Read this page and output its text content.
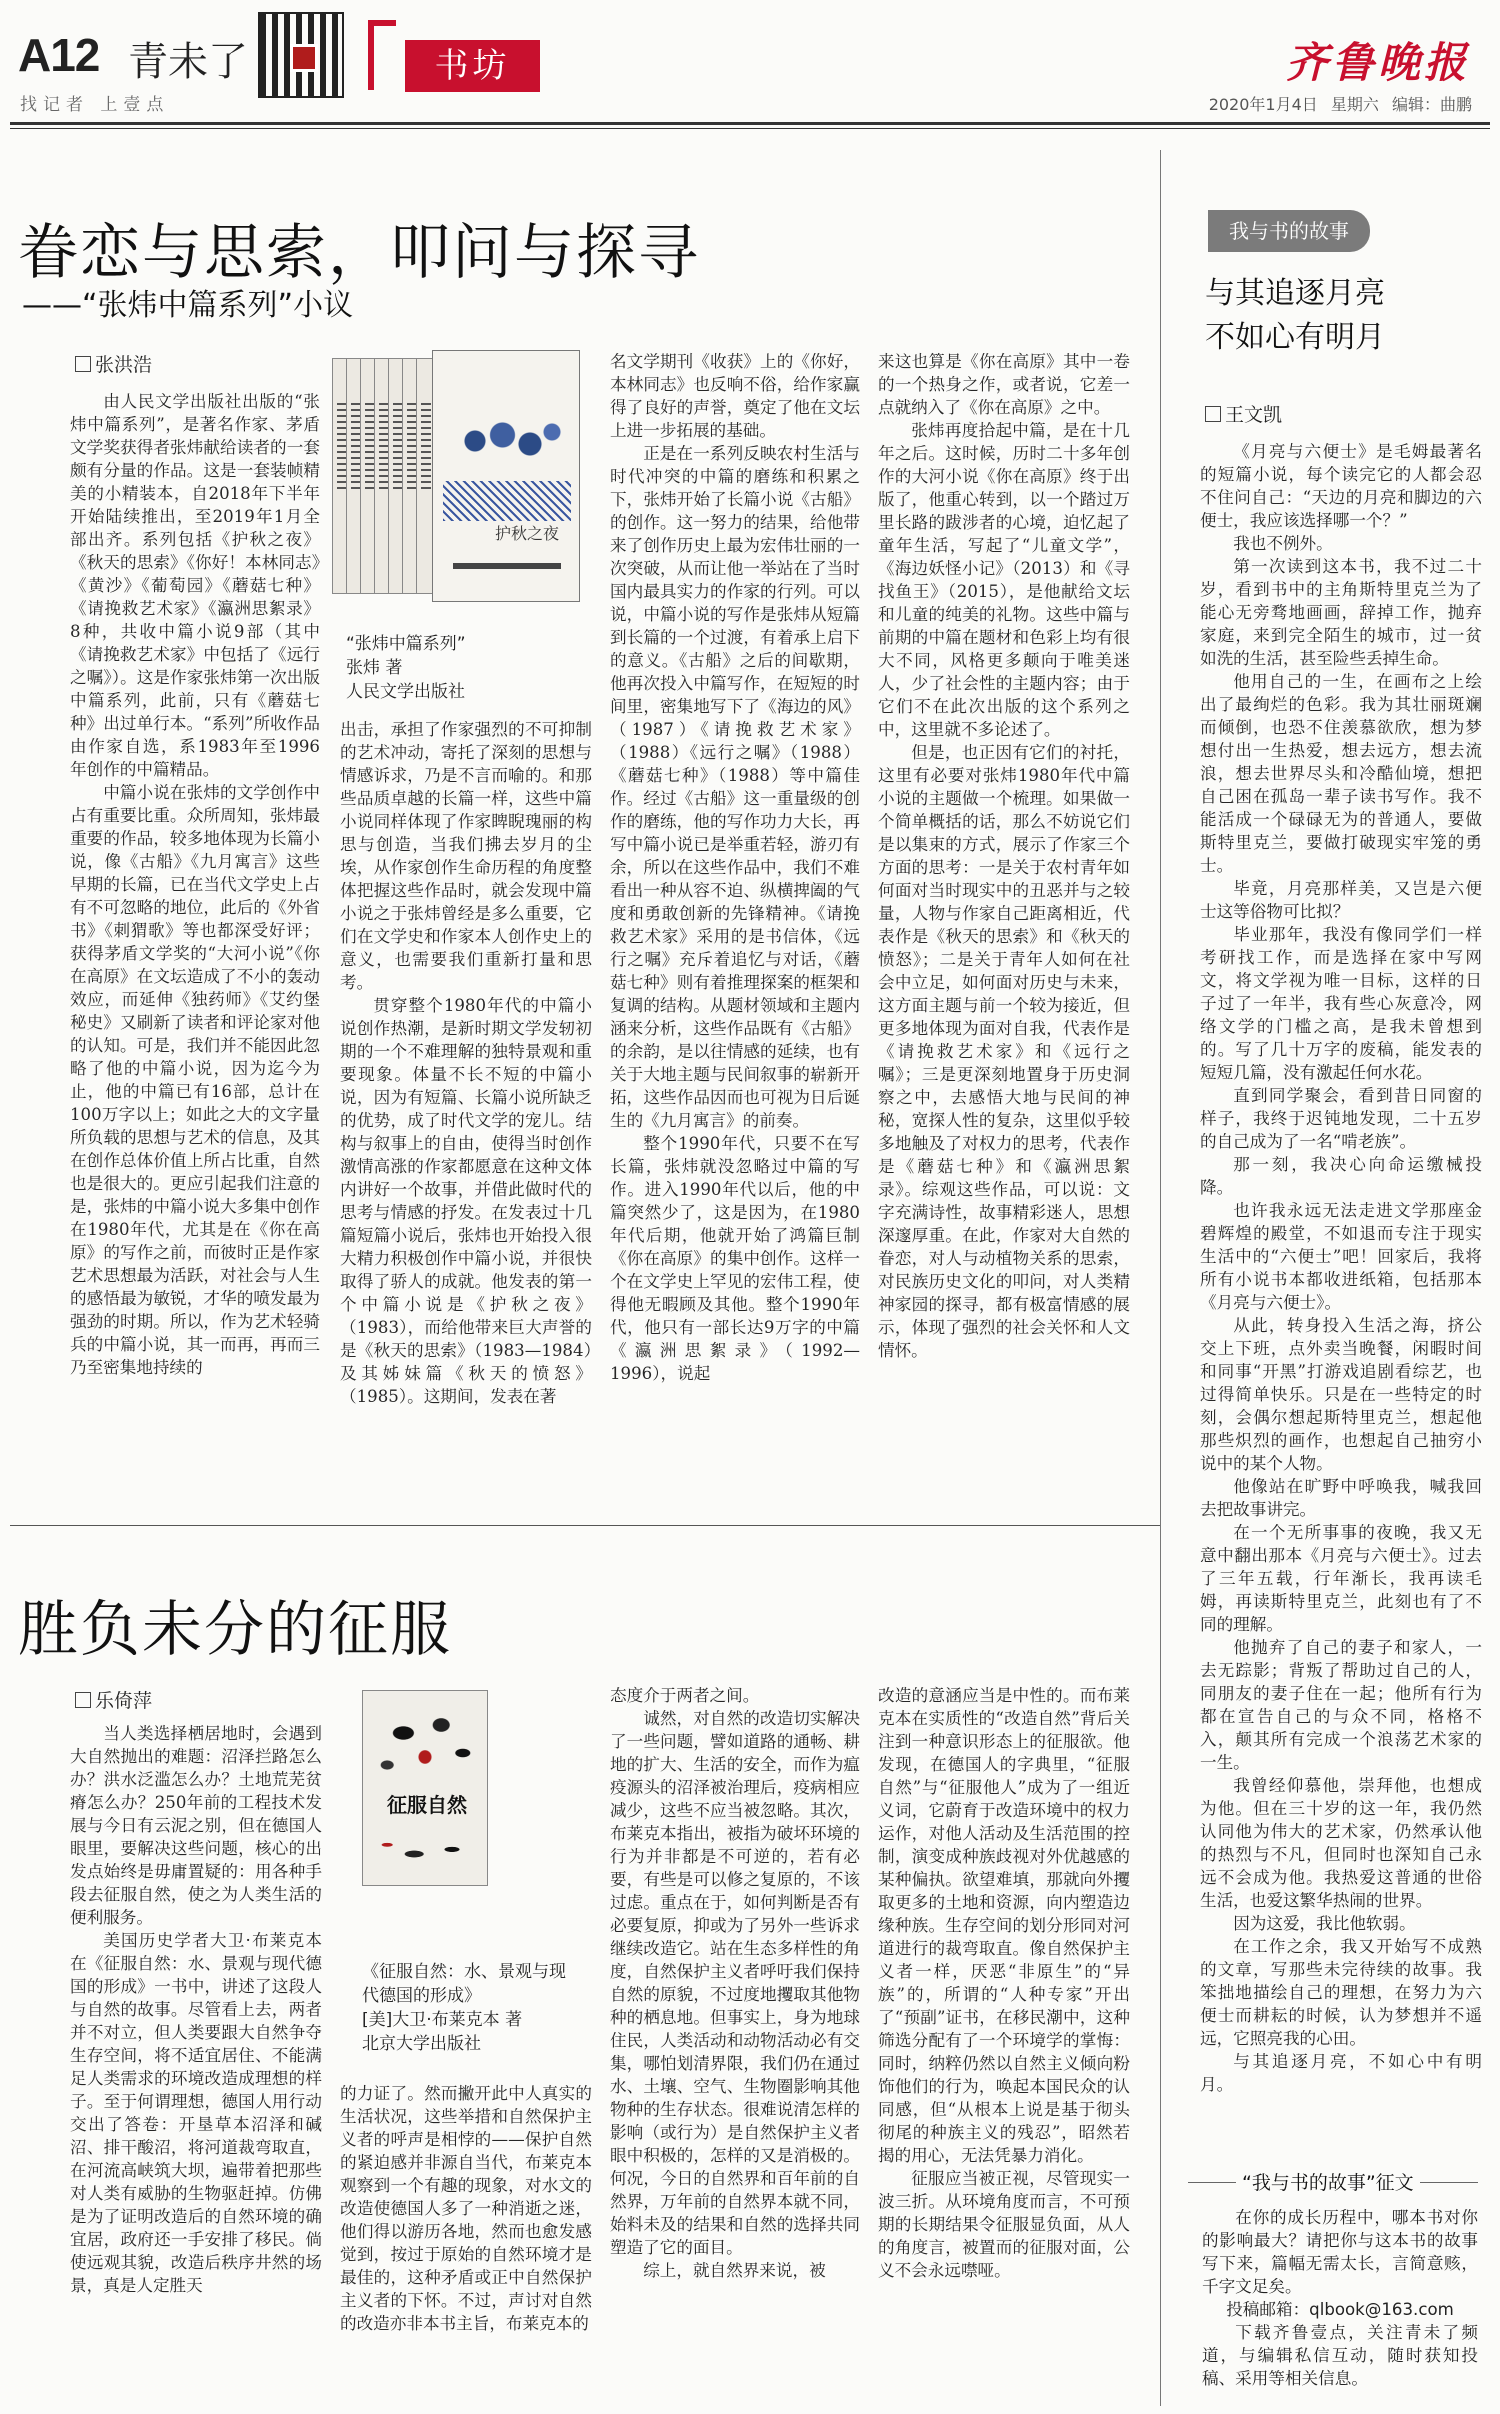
A12 青未了
找记者 上壹点
书坊	齐鲁晚报
2020年1月4日 星期六 编辑：曲鹏
眷恋与思索，叩问与探寻
——“张炜中篇系列”小议
张洪浩

由人民文学出版社出版的“张炜中篇系列”，是著名作家、茅盾文学奖获得者张炜献给读者的一套颇有分量的作品。这是一套装帧精美的小精装本，自2018年下半年开始陆续推出，至2019年1月全部出齐。系列包括《护秋之夜》《秋天的思索》《你好！本林同志》《黄沙》《葡萄园》《蘑菇七种》《请挽救艺术家》《瀛洲思絮录》8种，共收中篇小说9部（其中《请挽救艺术家》中包括了《远行之嘱》）。这是作家张炜第一次出版中篇系列，此前，只有《蘑菇七种》出过单行本。“系列”所收作品由作家自选，系1983年至1996年创作的中篇精品。

中篇小说在张炜的文学创作中占有重要比重。众所周知，张炜最重要的作品，较多地体现为长篇小说，像《古船》《九月寓言》这些早期的长篇，已在当代文学史上占有不可忽略的地位，此后的《外省书》《刺猬歌》等也都深受好评；获得茅盾文学奖的“大河小说”《你在高原》在文坛造成了不小的轰动效应，而延伸《独药师》《艾约堡秘史》又刷新了读者和评论家对他的认知。可是，我们并不能因此忽略了他的中篇小说，因为迄今为止，他的中篇已有16部，总计在100万字以上；如此之大的文字量所负载的思想与艺术的信息，及其在创作总体价值上所占比重，自然也是很大的。更应引起我们注意的是，张炜的中篇小说大多集中创作在1980年代，尤其是在《你在高原》的写作之前，而彼时正是作家艺术思想最为活跃，对社会与人生的感悟最为敏锐，才华的喷发最为强劲的时期。所以，作为艺术轻骑兵的中篇小说，其一而再，再而三乃至密集地持续的

护秋之夜
“张炜中篇系列”
张炜 著
人民文学出版社

出击，承担了作家强烈的不可抑制的艺术冲动，寄托了深刻的思想与情感诉求，乃是不言而喻的。和那些品质卓越的长篇一样，这些中篇小说同样体现了作家睥睨瑰丽的构思与创造，当我们拂去岁月的尘埃，从作家创作生命历程的角度整体把握这些作品时，就会发现中篇小说之于张炜曾经是多么重要，它们在文学史和作家本人创作史上的意义，也需要我们重新打量和思考。

贯穿整个1980年代的中篇小说创作热潮，是新时期文学发轫初期的一个不难理解的独特景观和重要现象。体量不长不短的中篇小说，因为有短篇、长篇小说所缺乏的优势，成了时代文学的宠儿。结构与叙事上的自由，使得当时创作激情高涨的作家都愿意在这种文体内讲好一个故事，并借此做时代的思考与情感的抒发。在发表过十几篇短篇小说后，张炜也开始投入很大精力积极创作中篇小说，并很快取得了骄人的成就。他发表的第一个中篇小说是《护秋之夜》（1983），而给他带来巨大声誉的是《秋天的思索》（1983—1984）及其姊妹篇《秋天的愤怒》（1985）。这期间，发表在著

名文学期刊《收获》上的《你好，本林同志》也反响不俗，给作家赢得了良好的声誉，奠定了他在文坛上进一步拓展的基础。

正是在一系列反映农村生活与时代冲突的中篇的磨练和积累之下，张炜开始了长篇小说《古船》的创作。这一努力的结果，给他带来了创作历史上最为宏伟壮丽的一次突破，从而让他一举站在了当时国内最具实力的作家的行列。可以说，中篇小说的写作是张炜从短篇到长篇的一个过渡，有着承上启下的意义。《古船》之后的间歇期，他再次投入中篇写作，在短短的时间里，密集地写下了《海边的风》（1987）《请挽救艺术家》（1988）《远行之嘱》（1988）《蘑菇七种》（1988）等中篇佳作。经过《古船》这一重量级的创作的磨练，他的写作功力大长，再写中篇小说已是举重若轻，游刃有余，所以在这些作品中，我们不难看出一种从容不迫、纵横捭阖的气度和勇敢创新的先锋精神。《请挽救艺术家》采用的是书信体，《远行之嘱》充斥着追忆与对话，《蘑菇七种》则有着推理探案的框架和复调的结构。从题材领域和主题内涵来分析，这些作品既有《古船》的余韵，是以往情感的延续，也有关于大地主题与民间叙事的崭新开拓，这些作品因而也可视为日后诞生的《九月寓言》的前奏。

整个1990年代，只要不在写长篇，张炜就没忽略过中篇的写作。进入1990年代以后，他的中篇突然少了，这是因为，在1980年代后期，他就开始了鸿篇巨制《你在高原》的集中创作。这样一个在文学史上罕见的宏伟工程，使得他无暇顾及其他。整个1990年代，他只有一部长达9万字的中篇《瀛洲思絮录》（1992—1996），说起

来这也算是《你在高原》其中一卷的一个热身之作，或者说，它差一点就纳入了《你在高原》之中。

张炜再度拾起中篇，是在十几年之后。这时候，历时二十多年创作的大河小说《你在高原》终于出版了，他重心转到，以一个踏过万里长路的跋涉者的心境，迫忆起了童年生活，写起了“儿童文学”，《海边妖怪小记》（2013）和《寻找鱼王》（2015），是他献给文坛和儿童的纯美的礼物。这些中篇与前期的中篇在题材和色彩上均有很大不同，风格更多颠向于唯美迷人，少了社会性的主题内容；由于它们不在此次出版的这个系列之中，这里就不多论述了。

但是，也正因有它们的衬托，这里有必要对张炜1980年代中篇小说的主题做一个梳理。如果做一个简单概括的话，那么不妨说它们是以集束的方式，展示了作家三个方面的思考：一是关于农村青年如何面对当时现实中的丑恶并与之较量，人物与作家自己距离相近，代表作是《秋天的思索》和《秋天的愤怒》；二是关于青年人如何在社会中立足，如何面对历史与未来，这方面主题与前一个较为接近，但更多地体现为面对自我，代表作是《请挽救艺术家》和《远行之嘱》；三是更深刻地置身于历史洞察之中，去感悟大地与民间的神秘，宽探人性的复杂，这里似乎较多地触及了对权力的思考，代表作是《蘑菇七种》和《瀛洲思絮录》。综观这些作品，可以说：文字充满诗性，故事精彩迷人，思想深邃厚重。在此，作家对大自然的眷恋，对人与动植物关系的思索，对民族历史文化的叩问，对人类精神家园的探寻，都有极富情感的展示，体现了强烈的社会关怀和人文情怀。

胜负未分的征服
乐倚萍

当人类选择栖居地时，会遇到大自然抛出的难题：沼泽拦路怎么办？洪水泛滥怎么办？土地荒芜贫瘠怎么办？250年前的工程技术发展与今日有云泥之别，但在德国人眼里，要解决这些问题，核心的出发点始终是毋庸置疑的：用各种手段去征服自然，使之为人类生活的便利服务。

美国历史学者大卫·布莱克本在《征服自然：水、景观与现代德国的形成》一书中，讲述了这段人与自然的故事。尽管看上去，两者并不对立，但人类要跟大自然争夺生存空间，将不适宜居住、不能满足人类需求的环境改造成理想的样子。至于何谓理想，德国人用行动交出了答卷：开垦草本沼泽和碱沼、排干酸沼，将河道裁弯取直，在河流高峡筑大坝，遍带着把那些对人类有威胁的生物驱赶掉。仿佛是为了证明改造后的自然环境的确宜居，政府还一手安排了移民。倘使远观其貌，改造后秩序井然的场景，真是人定胜天

征服自然
《征服自然：水、景观与现
代德国的形成》
[美]大卫·布莱克本 著
北京大学出版社

的力证了。然而撇开此中人真实的生活状况，这些举措和自然保护主义者的呼声是相悖的——保护自然的紧迫感并非源自当代，布莱克本观察到一个有趣的现象，对水文的改造使德国人多了一种消逝之迷，他们得以游历各地，然而也愈发感觉到，按过于原始的自然环境才是最佳的，这种矛盾或正中自然保护主义者的下怀。不过，声讨对自然的改造亦非本书主旨，布莱克本的

态度介于两者之间。

诚然，对自然的改造切实解决了一些问题，譬如道路的通畅、耕地的扩大、生活的安全，而作为瘟疫源头的沼泽被治理后，疫病相应减少，这些不应当被忽略。其次，布莱克本指出，被指为破坏环境的行为并非都是不可逆的，若有必要，有些是可以修之复原的，不该过虑。重点在于，如何判断是否有必要复原，抑或为了另外一些诉求继续改造它。站在生态多样性的角度，自然保护主义者呼吁我们保持自然的原貌，不过度地攫取其他物种的栖息地。但事实上，身为地球住民，人类活动和动物活动必有交集，哪怕划清界限，我们仍在通过水、土壤、空气、生物圈影响其他物种的生存状态。很难说清怎样的影响（或行为）是自然保护主义者眼中积极的，怎样的又是消极的。何况，今日的自然界和百年前的自然界，万年前的自然界本就不同，始料未及的结果和自然的选择共同塑造了它的面目。

综上，就自然界来说，被

改造的意涵应当是中性的。而布莱克本在实质性的“改造自然”背后关注到一种意识形态上的征服欲。他发现，在德国人的字典里，“征服自然”与“征服他人”成为了一组近义词，它蔚育于改造环境中的权力运作，对他人活动及生活范围的控制，演变成种族歧视对外优越感的某种偏执。欲望难填，那就向外攫取更多的土地和资源，向内塑造边缘种族。生存空间的划分形同对河道进行的裁弯取直。像自然保护主义者一样，厌恶“非原生”的“异族”的，所谓的“人种专家”开出了“预副”证书，在移民潮中，这种筛选分配有了一个环境学的掌悔：同时，纳粹仍然以自然主义倾向粉饰他们的行为，唤起本国民众的认同感，但“从根本上说是基于彻头彻尾的种族主义的残忍”，昭然若揭的用心，无法凭暴力消化。

征服应当被正视，尽管现实一波三折。从环境角度而言，不可预期的长期结果令征服显负面，从人的角度言，被置而的征服对面，公义不会永远噤哑。

我与书的故事
与其追逐月亮
不如心有明月
王文凯

《月亮与六便士》是毛姆最著名的短篇小说，每个读完它的人都会忍不住问自己：“天边的月亮和脚边的六便士，我应该选择哪一个？”

我也不例外。

第一次读到这本书，我不过二十岁，看到书中的主角斯特里克兰为了能心无旁骛地画画，辞掉工作，抛弃家庭，来到完全陌生的城市，过一贫如洗的生活，甚至险些丢掉生命。

他用自己的一生，在画布之上绘出了最绚烂的色彩。我为其壮丽斑斓而倾倒，也恐不住羡慕欲欣，想为梦想付出一生热爱，想去远方，想去流浪，想去世界尽头和冷酷仙境，想把自己困在孤岛一辈子读书写作。我不能活成一个碌碌无为的普通人，要做斯特里克兰，要做打破现实牢笼的勇士。

毕竟，月亮那样美，又岂是六便士这等俗物可比拟？

毕业那年，我没有像同学们一样考研找工作，而是选择在家中写网文，将文学视为唯一目标，这样的日子过了一年半，我有些心灰意冷，网络文学的门槛之高，是我未曾想到的。写了几十万字的废稿，能发表的短短几篇，没有激起任何水花。

直到同学聚会，看到昔日同窗的样子，我终于迟钝地发现，二十五岁的自己成为了一名“啃老族”。

那一刻，我决心向命运缴械投降。

也许我永远无法走进文学那座金碧辉煌的殿堂，不如退而专注于现实生活中的“六便士”吧！回家后，我将所有小说书本都收进纸箱，包括那本《月亮与六便士》。

从此，转身投入生活之海，挤公交上下班，点外卖当晚餐，闲暇时间和同事“开黑”打游戏追剧看综艺，也过得简单快乐。只是在一些特定的时刻，会偶尔想起斯特里克兰，想起他那些炽烈的画作，也想起自己抽穷小说中的某个人物。

他像站在旷野中呼唤我，喊我回去把故事讲完。

在一个无所事事的夜晚，我又无意中翻出那本《月亮与六便士》。过去了三年五载，行年渐长，我再读毛姆，再读斯特里克兰，此刻也有了不同的理解。

他抛弃了自己的妻子和家人，一去无踪影；背叛了帮助过自己的人，同朋友的妻子住在一起；他所有行为都在宣告自己的与众不同，格格不入，颠其所有完成一个浪荡艺术家的一生。

我曾经仰慕他，崇拜他，也想成为他。但在三十岁的这一年，我仍然认同他为伟大的艺术家，仍然承认他的热烈与不凡，但同时也深知自己永远不会成为他。我热爱这普通的世俗生活，也爱这繁华热闹的世界。

因为这爱，我比他软弱。

在工作之余，我又开始写不成熟的文章，写那些未完待续的故事。我笨拙地描绘自己的理想，在努力为六便士而耕耘的时候，认为梦想并不遥远，它照亮我的心田。

与其追逐月亮，不如心中有明月。

“我与书的故事”征文

在你的成长历程中，哪本书对你的影响最大？请把你与这本书的故事写下来，篇幅无需太长，言简意赅，千字文足矣。

投稿邮箱：qlbook@163.com

下载齐鲁壹点，关注青未了频道，与编辑私信互动，随时获知投稿、采用等相关信息。
